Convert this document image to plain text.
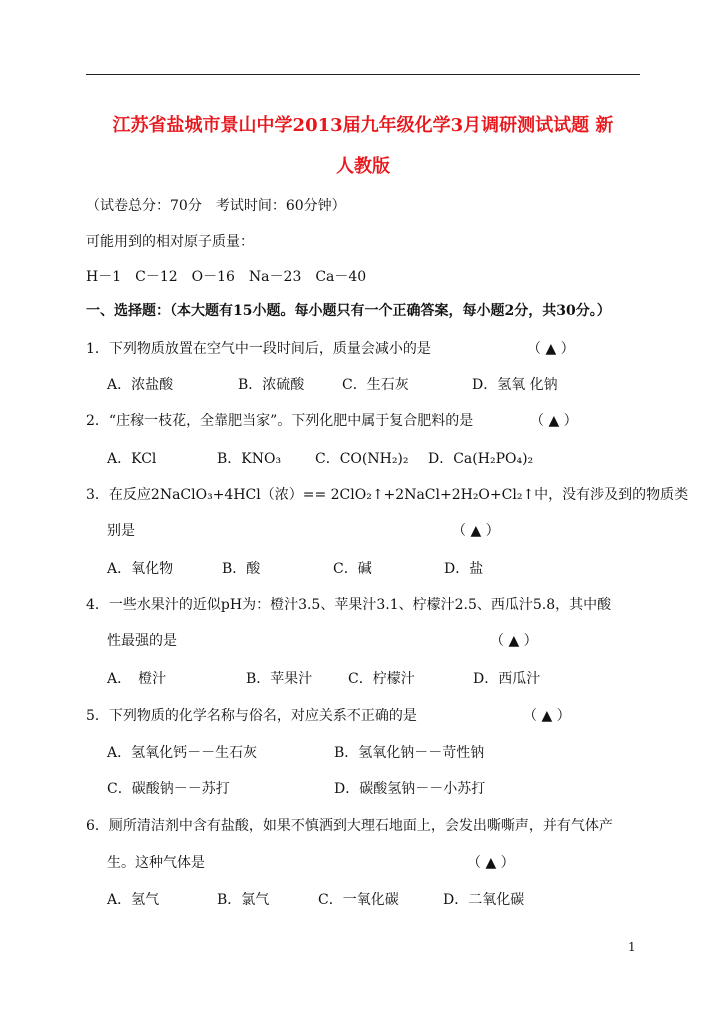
江苏省盐城市景山中学2013届九年级化学3月调研测试试题 新
人教版
（试卷总分：70分　考试时间：60分钟）
可能用到的相对原子质量：
H－1　C－12　O－16　Na－23　Ca－40
一、选择题：（本大题有15小题。每小题只有一个正确答案，每小题2分，共30分。）
1．下列物质放置在空气中一段时间后，质量会减小的是	（ ▲ ）
A．浓盐酸	B．浓硫酸	C．生石灰	D．氢氧 化钠
2．“庄稼一枝花，全靠肥当家”。下列化肥中属于复合肥料的是	（ ▲ ）
A．KCl	B．KNO₃ C．CO(NH₂)₂ D．Ca(H₂PO₄)₂
3．在反应2NaClO₃+4HCl（浓）== 2ClO₂↑+2NaCl+2H₂O+Cl₂↑中，没有涉及到的物质类
别是	（ ▲ ）
A．氧化物	B．酸	C．碱	D．盐
4．一些水果汁的近似pH为：橙汁3.5、苹果汁3.1、柠檬汁2.5、西瓜汁5.8，其中酸
性最强的是	（ ▲ ）
A．　橙汁	B．苹果汁	C．柠檬汁	D．西瓜汁
5．下列物质的化学名称与俗名，对应关系不正确的是	（ ▲ ）
A．氢氧化钙－－生石灰	B．氢氧化钠－－苛性钠
C．碳酸钠－－苏打	D．碳酸氢钠－－小苏打
6．厕所清洁剂中含有盐酸，如果不慎洒到大理石地面上，会发出嘶嘶声，并有气体产
生。这种气体是	（ ▲ ）
A．氢气	B．氯气	C．一氧化碳	D．二氧化碳
1
